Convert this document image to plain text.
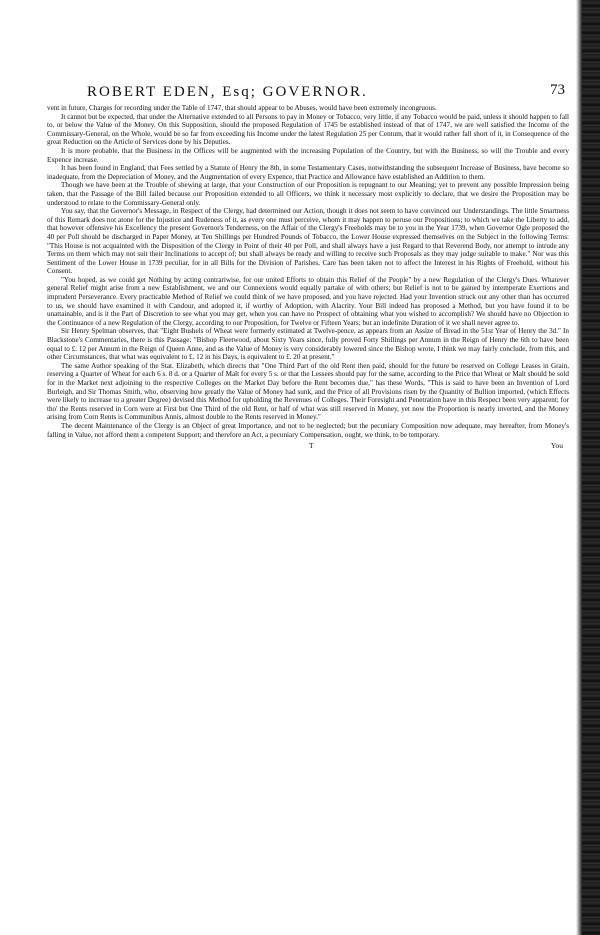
ROBERT EDEN, Esq; GOVERNOR.	73

vent in future, Charges for recording under the Table of 1747, that should appear to be Abuses, would have been extremely incongruous.

It cannot but be expected, that under the Alternative extended to all Persons to pay in Money or Tobacco, very little, if any Tobacco would be paid, unless it should happen to fall to, or below the Value of the Money. On this Supposition, should the proposed Regulation of 1745 be established instead of that of 1747, we are well satisfied the Income of the Commissary-General, on the Whole, would be so far from exceeding his Income under the latest Regulation 25 per Centum, that it would rather fall short of it, in Consequence of the great Reduction on the Article of Services done by his Deputies.

It is more probable, that the Business in the Offices will be augmented with the increasing Population of the Country, but with the Business, so will the Trouble and every Expence increase.

It has been found in England, that Fees settled by a Statute of Henry the 8th, in some Testamentary Cases, notwithstanding the subsequent Increase of Business, have become so inadequate, from the Depreciation of Money, and the Augmentation of every Expence, that Practice and Allowance have established an Addition to them.

Though we have been at the Trouble of shewing at large, that your Construction of our Proposition is repugnant to our Meaning; yet to prevent any possible Impression being taken, that the Passage of the Bill failed because our Proposition extended to all Officers, we think it necessary most explicitly to declare, that we desire the Proposition may be understood to relate to the Commissary-General only.

You say, that the Governor's Message, in Respect of the Clergy, had determined our Action, though it does not seem to have convinced our Understandings. The little Smartness of this Remark does not atone for the Injustice and Rudeness of it, as every one must perceive, whom it may happen to peruse our Propositions; to which we take the Liberty to add, that however offensive his Excellency the present Governor's Tenderness, on the Affair of the Clergy's Freeholds may be to you in the Year 1739, when Governor Ogle proposed the 40 per Poll should be discharged in Paper Money, at Ten Shillings per Hundred Pounds of Tobacco, the Lower House expressed themselves on the Subject in the following Terms: "This House is not acquainted with the Disposition of the Clergy in Point of their 40 per Poll, and shall always have a just Regard to that Reverend Body, nor attempt to intrude any Terms on them which may not suit their Inclinations to accept of; but shall always be ready and willing to receive such Proposals as they may judge suitable to make." Nor was this Sentiment of the Lower House in 1739 peculiar, for in all Bills for the Division of Parishes, Care has been taken not to affect the Interest in his Rights of Freehold, without his Consent.

"You hoped, as we could get Nothing by acting contrariwise, for our united Efforts to obtain this Relief of the People" by a new Regulation of the Clergy's Dues. Whatever general Relief might arise from a new Establishment, we and our Connexions would equally partake of with others; but Relief is not to be gained by intemperate Exertions and imprudent Perseverance. Every practicable Method of Relief we could think of we have proposed, and you have rejected. Had your Invention struck out any other than has occurred to us, we should have examined it with Candour, and adopted it, if worthy of Adoption, with Alacrity. Your Bill indeed has proposed a Method, but you have found it to be unattainable, and is it the Part of Discretion to see what you may get, when you can have no Prospect of obtaining what you wished to accomplish? We should have no Objection to the Continuance of a new Regulation of the Clergy, according to our Proposition, for Twelve or Fifteen Years; but an indefinite Duration of it we shall never agree to.

Sir Henry Spelman observes, that "Eight Bushels of Wheat were formerly estimated at Twelve-pence, as appears from an Assize of Bread in the 51st Year of Henry the 3d." In Blackstone's Commentaries, there is this Passage: "Bishop Fleetwood, about Sixty Years since, fully proved Forty Shillings per Annum in the Reign of Henry the 6th to have been equal to £. 12 per Annum in the Reign of Queen Anne, and as the Value of Money is very considerably lowered since the Bishop wrote, I think we may fairly conclude, from this, and other Circumstances, that what was equivalent to £. 12 in his Days, is equivalent to £. 20 at present."

The same Author speaking of the Stat. Elizabeth, which directs that "One Third Part of the old Rent then paid, should for the future be reserved on College Leases in Grain, reserving a Quarter of Wheat for each 6 s. 8 d. or a Quarter of Malt for every 5 s. or that the Lessees should pay for the same, according to the Price that Wheat or Malt should be sold for in the Market next adjoining to the respective Colleges on the Market Day before the Rent becomes due," has these Words, "This is said to have been an Invention of Lord Burleigh, and Sir Thomas Smith, who, observing how greatly the Value of Money had sunk, and the Price of all Provisions risen by the Quantity of Bullion imported, (which Effects were likely to increase to a greater Degree) devised this Method for upholding the Revenues of Colleges. Their Foresight and Penetration have in this Respect been very apparent; for tho' the Rents reserved in Corn were at First but One Third of the old Rent, or half of what was still reserved in Money, yet now the Proportion is nearly inverted, and the Money arising from Corn Rents is Communibus Annis, almost double to the Rents reserved in Money."

The decent Maintenance of the Clergy is an Object of great Importance, and not to be neglected; but the pecuniary Composition now adequate, may hereafter, from Money's falling in Value, not afford them a competent Support; and therefore an Act, a pecuniary Compensation, ought, we think, to be temporary.

T	You
